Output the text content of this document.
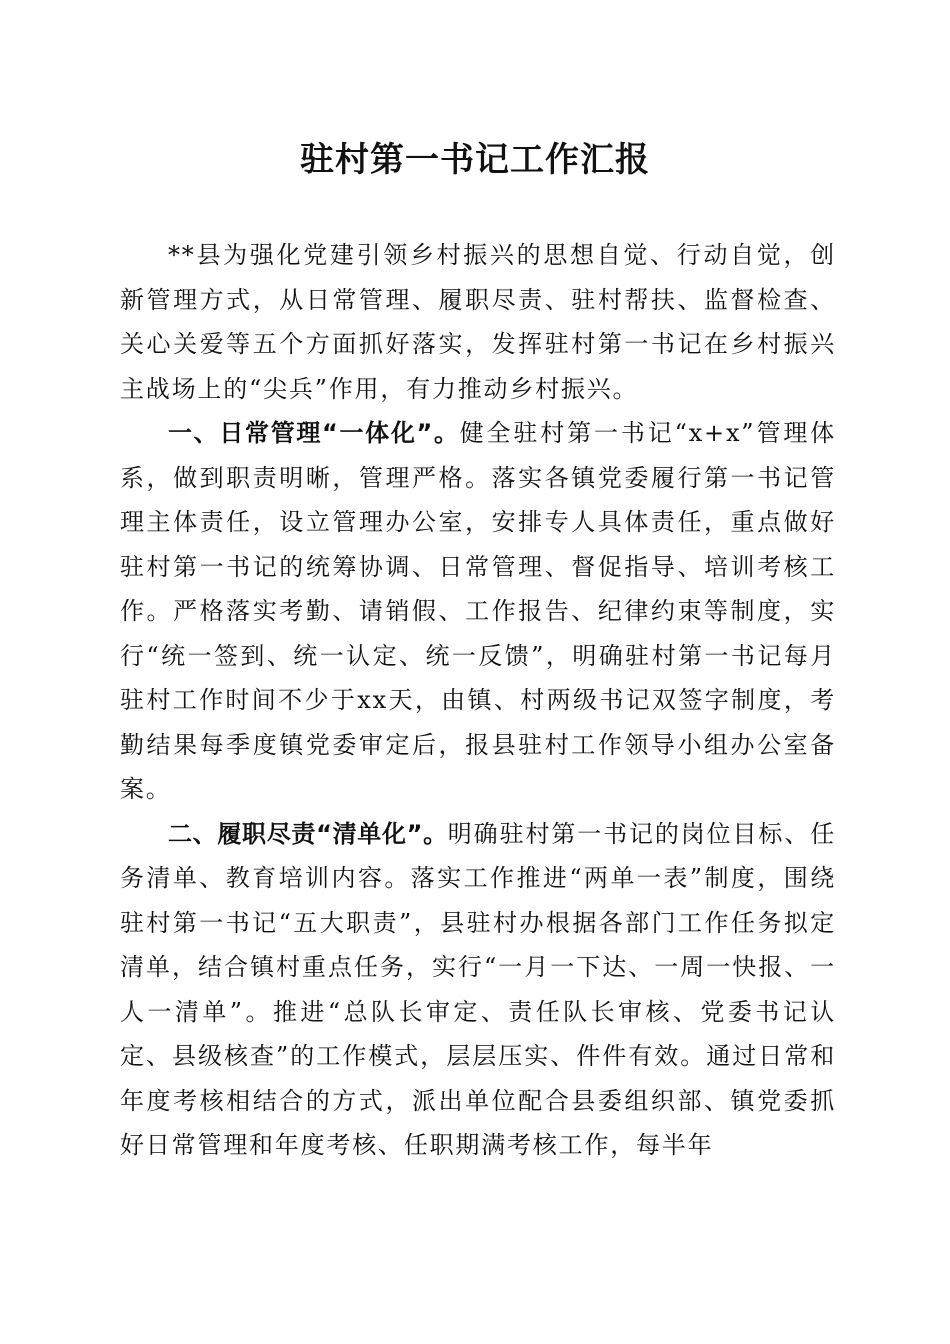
驻村第一书记工作汇报

**县为强化党建引领乡村振兴的思想自觉、行动自觉，创新管理方式，从日常管理、履职尽责、驻村帮扶、监督检查、关心关爱等五个方面抓好落实，发挥驻村第一书记在乡村振兴主战场上的“尖兵”作用，有力推动乡村振兴。

一、日常管理“一体化”。健全驻村第一书记“x+x”管理体系，做到职责明晰，管理严格。落实各镇党委履行第一书记管理主体责任，设立管理办公室，安排专人具体责任，重点做好驻村第一书记的统筹协调、日常管理、督促指导、培训考核工作。严格落实考勤、请销假、工作报告、纪律约束等制度，实行“统一签到、统一认定、统一反馈”，明确驻村第一书记每月驻村工作时间不少于xx天，由镇、村两级书记双签字制度，考勤结果每季度镇党委审定后，报县驻村工作领导小组办公室备案。

二、履职尽责“清单化”。明确驻村第一书记的岗位目标、任务清单、教育培训内容。落实工作推进“两单一表”制度，围绕驻村第一书记“五大职责”，县驻村办根据各部门工作任务拟定清单，结合镇村重点任务，实行“一月一下达、一周一快报、一人一清单”。推进“总队长审定、责任队长审核、党委书记认定、县级核查”的工作模式，层层压实、件件有效。通过日常和年度考核相结合的方式，派出单位配合县委组织部、镇党委抓好日常管理和年度考核、任职期满考核工作，每半年
